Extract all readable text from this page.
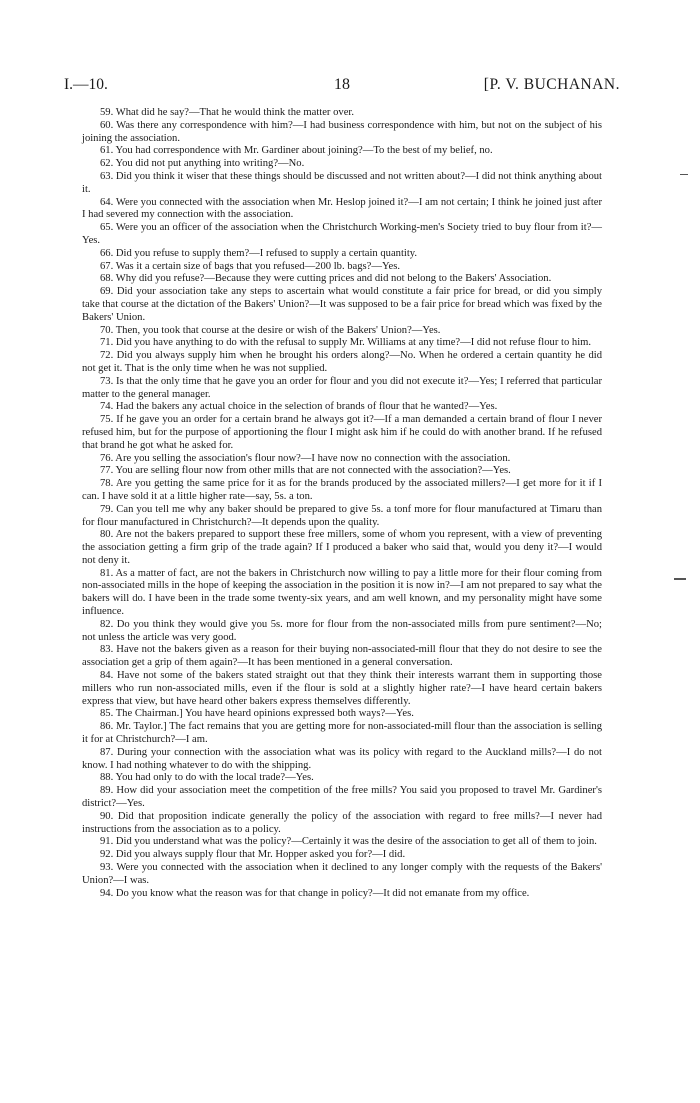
I.—10.	18	[P. V. BUCHANAN.

59. What did he say?—That he would think the matter over.

60. Was there any correspondence with him?—I had business correspondence with him, but not on the subject of his joining the association.

61. You had correspondence with Mr. Gardiner about joining?—To the best of my belief, no.

62. You did not put anything into writing?—No.

63. Did you think it wiser that these things should be discussed and not written about?—I did not think anything about it.

64. Were you connected with the association when Mr. Heslop joined it?—I am not certain; I think he joined just after I had severed my connection with the association.

65. Were you an officer of the association when the Christchurch Working-men's Society tried to buy flour from it?—Yes.

66. Did you refuse to supply them?—I refused to supply a certain quantity.

67. Was it a certain size of bags that you refused—200 lb. bags?—Yes.

68. Why did you refuse?—Because they were cutting prices and did not belong to the Bakers' Association.

69. Did your association take any steps to ascertain what would constitute a fair price for bread, or did you simply take that course at the dictation of the Bakers' Union?—It was supposed to be a fair price for bread which was fixed by the Bakers' Union.

70. Then, you took that course at the desire or wish of the Bakers' Union?—Yes.

71. Did you have anything to do with the refusal to supply Mr. Williams at any time?—I did not refuse flour to him.

72. Did you always supply him when he brought his orders along?—No. When he ordered a certain quantity he did not get it. That is the only time when he was not supplied.

73. Is that the only time that he gave you an order for flour and you did not execute it?—Yes; I referred that particular matter to the general manager.

74. Had the bakers any actual choice in the selection of brands of flour that he wanted?—Yes.

75. If he gave you an order for a certain brand he always got it?—If a man demanded a certain brand of flour I never refused him, but for the purpose of apportioning the flour I might ask him if he could do with another brand. If he refused that brand he got what he asked for.

76. Are you selling the association's flour now?—I have now no connection with the association.

77. You are selling flour now from other mills that are not connected with the association?—Yes.

78. Are you getting the same price for it as for the brands produced by the associated millers?—I get more for it if I can. I have sold it at a little higher rate—say, 5s. a ton.

79. Can you tell me why any baker should be prepared to give 5s. a tonf more for flour manufactured at Timaru than for flour manufactured in Christchurch?—It depends upon the quality.

80. Are not the bakers prepared to support these free millers, some of whom you represent, with a view of preventing the association getting a firm grip of the trade again? If I produced a baker who said that, would you deny it?—I would not deny it.

81. As a matter of fact, are not the bakers in Christchurch now willing to pay a little more for their flour coming from non-associated mills in the hope of keeping the association in the position it is now in?—I am not prepared to say what the bakers will do. I have been in the trade some twenty-six years, and am well known, and my personality might have some influence.

82. Do you think they would give you 5s. more for flour from the non-associated mills from pure sentiment?—No; not unless the article was very good.

83. Have not the bakers given as a reason for their buying non-associated-mill flour that they do not desire to see the association get a grip of them again?—It has been mentioned in a general conversation.

84. Have not some of the bakers stated straight out that they think their interests warrant them in supporting those millers who run non-associated mills, even if the flour is sold at a slightly higher rate?—I have heard certain bakers express that view, but have heard other bakers express themselves differently.

85. The Chairman.] You have heard opinions expressed both ways?—Yes.

86. Mr. Taylor.] The fact remains that you are getting more for non-associated-mill flour than the association is selling it for at Christchurch?—I am.

87. During your connection with the association what was its policy with regard to the Auckland mills?—I do not know. I had nothing whatever to do with the shipping.

88. You had only to do with the local trade?—Yes.

89. How did your association meet the competition of the free mills? You said you proposed to travel Mr. Gardiner's district?—Yes.

90. Did that proposition indicate generally the policy of the association with regard to free mills?—I never had instructions from the association as to a policy.

91. Did you understand what was the policy?—Certainly it was the desire of the association to get all of them to join.

92. Did you always supply flour that Mr. Hopper asked you for?—I did.

93. Were you connected with the association when it declined to any longer comply with the requests of the Bakers' Union?—I was.

94. Do you know what the reason was for that change in policy?—It did not emanate from my office.
